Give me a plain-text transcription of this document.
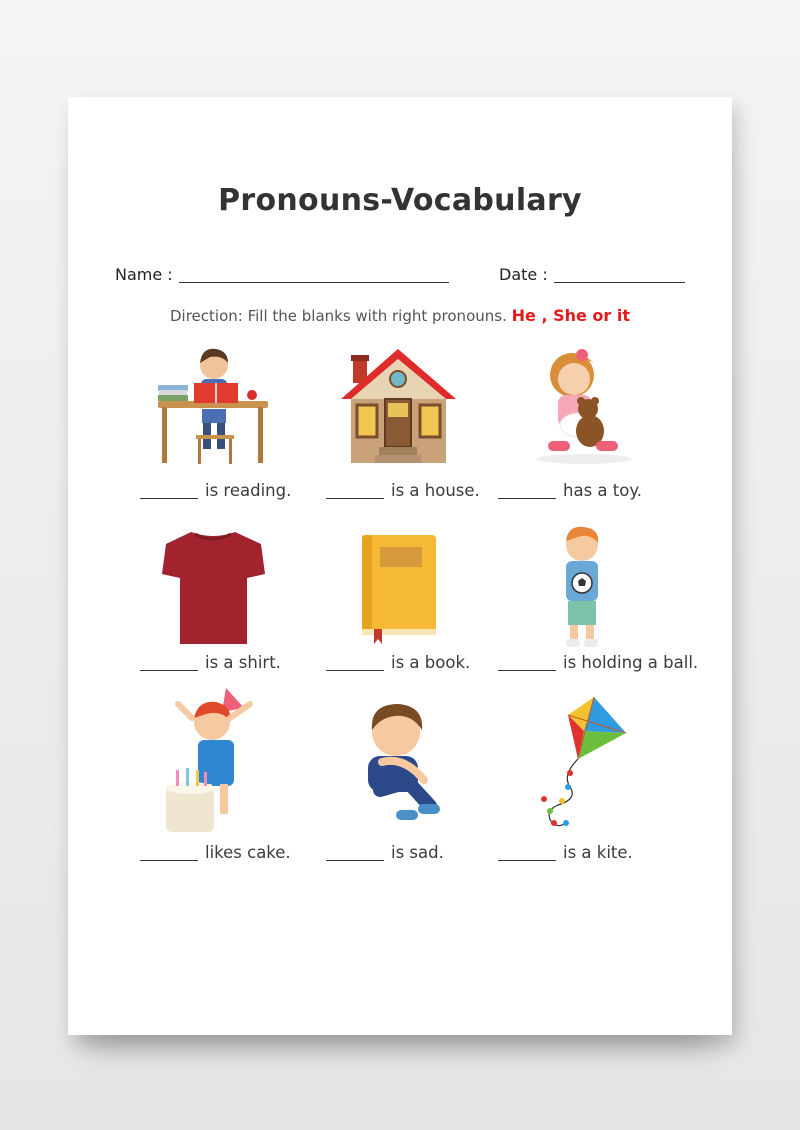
Pronouns-Vocabulary
Name :	Date :
Direction: Fill the blanks with right pronouns. He , She or it
is reading.	is a house.	has a toy.
is a shirt.	is a book.	is holding a ball.
likes cake.	is sad.	is a kite.
